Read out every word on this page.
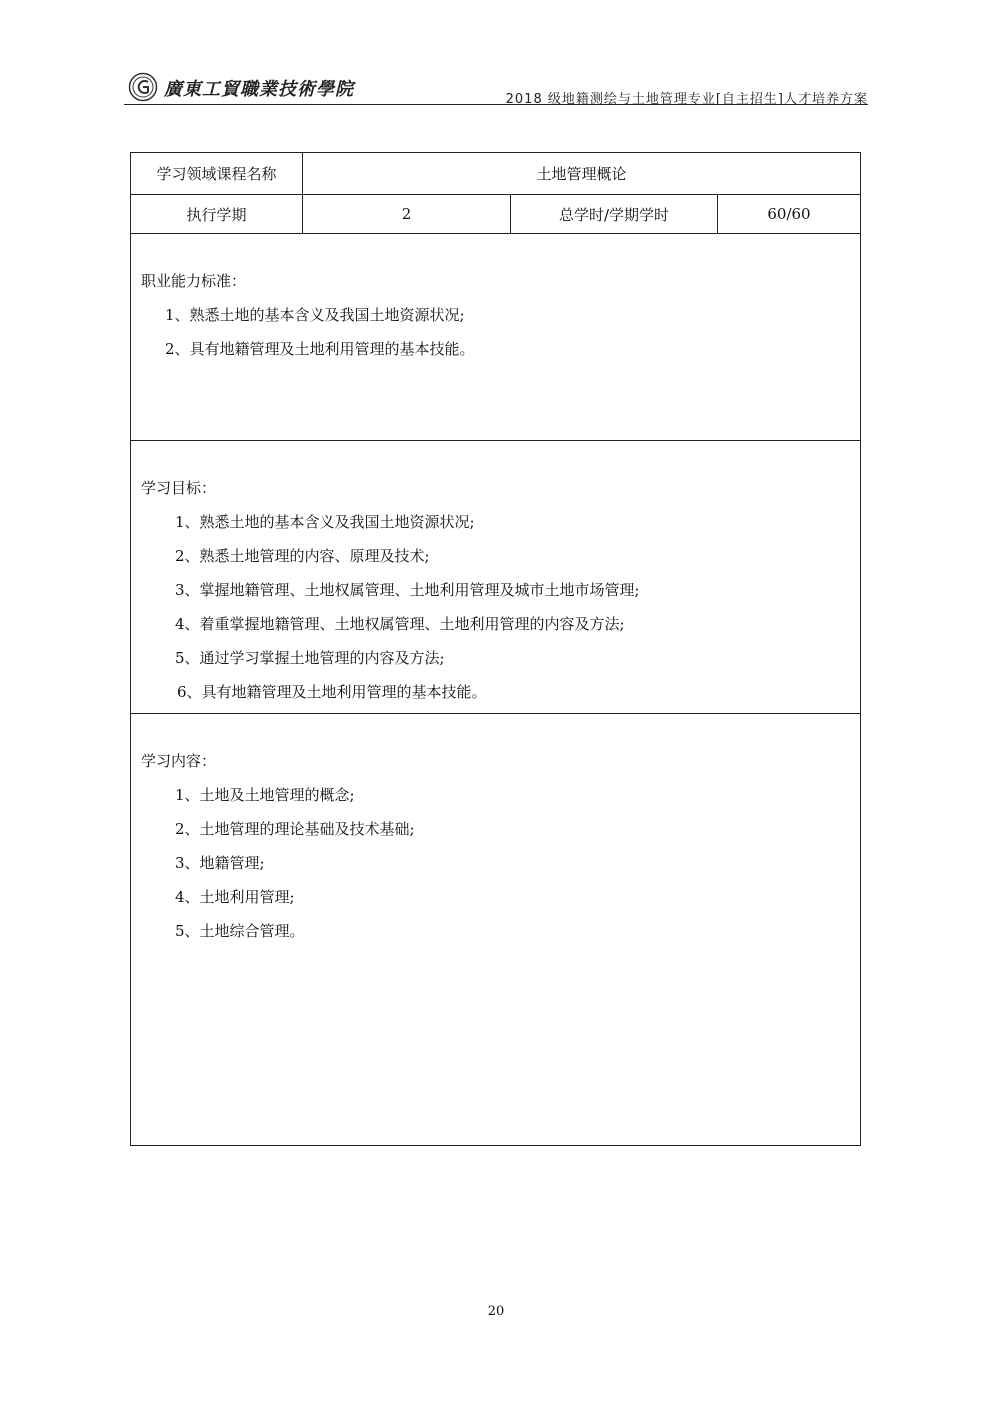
廣東工貿職業技術學院	2018 级地籍测绘与土地管理专业[自主招生]人才培养方案
学习领域课程名称	土地管理概论
执行学期	2	总学时/学期学时	60/60
职业能力标准：
1、熟悉土地的基本含义及我国土地资源状况;
2、具有地籍管理及土地利用管理的基本技能。
学习目标：
1、熟悉土地的基本含义及我国土地资源状况;
2、熟悉土地管理的内容、原理及技术;
3、掌握地籍管理、土地权属管理、土地利用管理及城市土地市场管理;
4、着重掌握地籍管理、土地权属管理、土地利用管理的内容及方法;
5、通过学习掌握土地管理的内容及方法;
6、具有地籍管理及土地利用管理的基本技能。
学习内容：
1、土地及土地管理的概念;
2、土地管理的理论基础及技术基础;
3、地籍管理;
4、土地利用管理;
5、土地综合管理。
20
